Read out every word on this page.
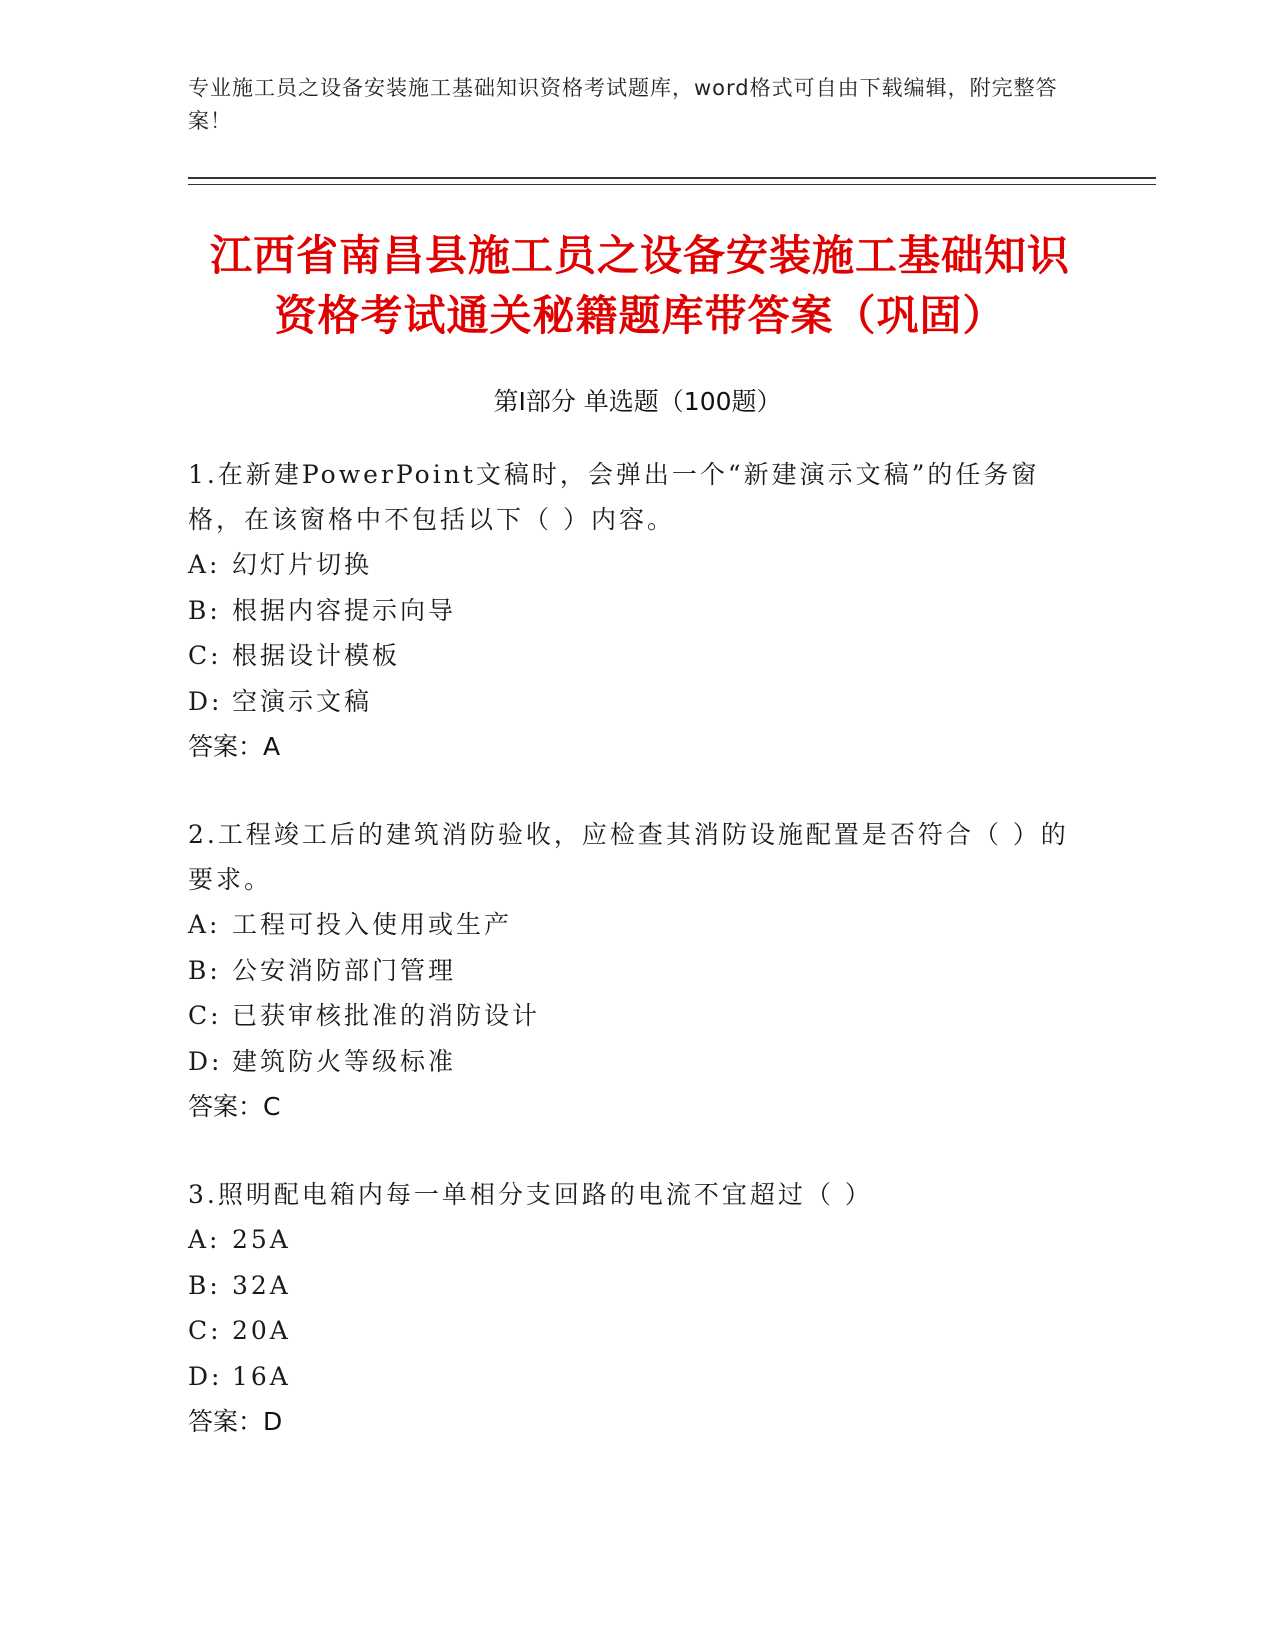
专业施工员之设备安装施工基础知识资格考试题库，word格式可自由下载编辑，附完整答案！
江西省南昌县施工员之设备安装施工基础知识资格考试通关秘籍题库带答案（巩固）
第Ⅰ部分 单选题（100题）
1.在新建PowerPoint文稿时，会弹出一个“新建演示文稿”的任务窗格，在该窗格中不包括以下（ ）内容。
A: 幻灯片切换
B: 根据内容提示向导
C: 根据设计模板
D: 空演示文稿
答案：A
2.工程竣工后的建筑消防验收，应检查其消防设施配置是否符合（ ）的要求。
A: 工程可投入使用或生产
B: 公安消防部门管理
C: 已获审核批准的消防设计
D: 建筑防火等级标准
答案：C
3.照明配电箱内每一单相分支回路的电流不宜超过（ ）
A: 25A
B: 32A
C: 20A
D: 16A
答案：D
